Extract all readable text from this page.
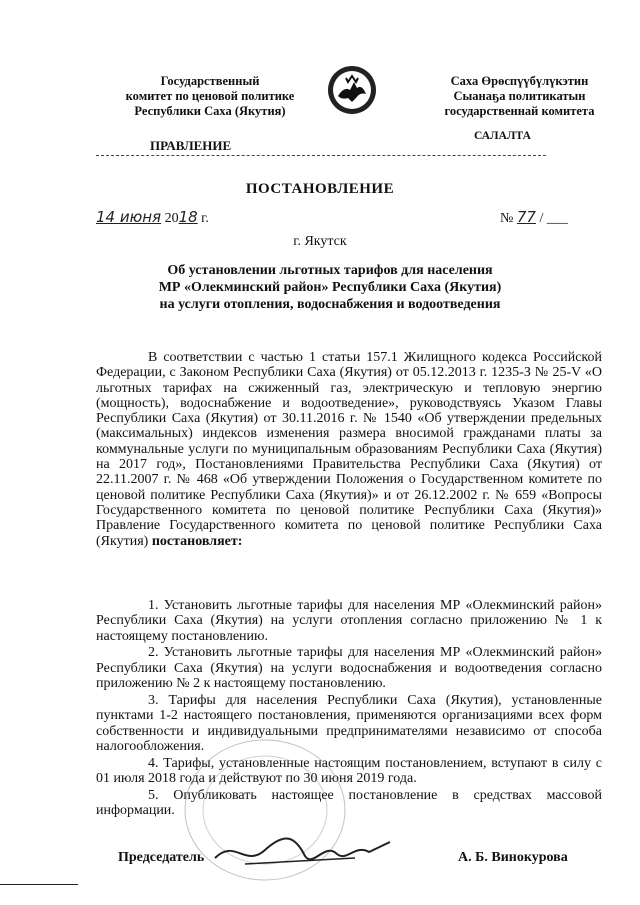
Государственный
комитет по ценовой политике
Республики Саха (Якутия)
Саха Өрөспүүбүлүкэтин
Сыанаҕа политикатын
государственнай комитета
ПРАВЛЕНИЕ
САЛАЛТА
ПОСТАНОВЛЕНИЕ
14 июня 2018 г.	№ 77 / ___
г. Якутск
Об установлении льготных тарифов для населения
МР «Олекминский район» Республики Саха (Якутия)
на услуги отопления, водоснабжения и водоотведения

В соответствии с частью 1 статьи 157.1 Жилищного кодекса Российской Федерации, с Законом Республики Саха (Якутия) от 05.12.2013 г. 1235-З № 25-V «О льготных тарифах на сжиженный газ, электрическую и тепловую энергию (мощность), водоснабжение и водоотведение», руководствуясь Указом Главы Республики Саха (Якутия) от 30.11.2016 г. № 1540 «Об утверждении предельных (максимальных) индексов изменения размера вносимой гражданами платы за коммунальные услуги по муниципальным образованиям Республики Саха (Якутия) на 2017 год», Постановлениями Правительства Республики Саха (Якутия) от 22.11.2007 г. № 468 «Об утверждении Положения о Государственном комитете по ценовой политике Республики Саха (Якутия)» и от 26.12.2002 г. № 659 «Вопросы Государственного комитета по ценовой политике Республики Саха (Якутия)» Правление Государственного комитета по ценовой политике Республики Саха (Якутия) постановляет:

1. Установить льготные тарифы для населения МР «Олекминский район» Республики Саха (Якутия) на услуги отопления согласно приложению № 1 к настоящему постановлению.

2. Установить льготные тарифы для населения МР «Олекминский район» Республики Саха (Якутия) на услуги водоснабжения и водоотведения согласно приложению № 2 к настоящему постановлению.

3. Тарифы для населения Республики Саха (Якутия), установленные пунктами 1-2 настоящего постановления, применяются организациями всех форм собственности и индивидуальными предпринимателями независимо от способа налогообложения.

4. Тарифы, установленные настоящим постановлением, вступают в силу с 01 июля 2018 года и действуют по 30 июня 2019 года.

5. Опубликовать настоящее постановление в средствах массовой информации.

Председатель	А. Б. Винокурова
